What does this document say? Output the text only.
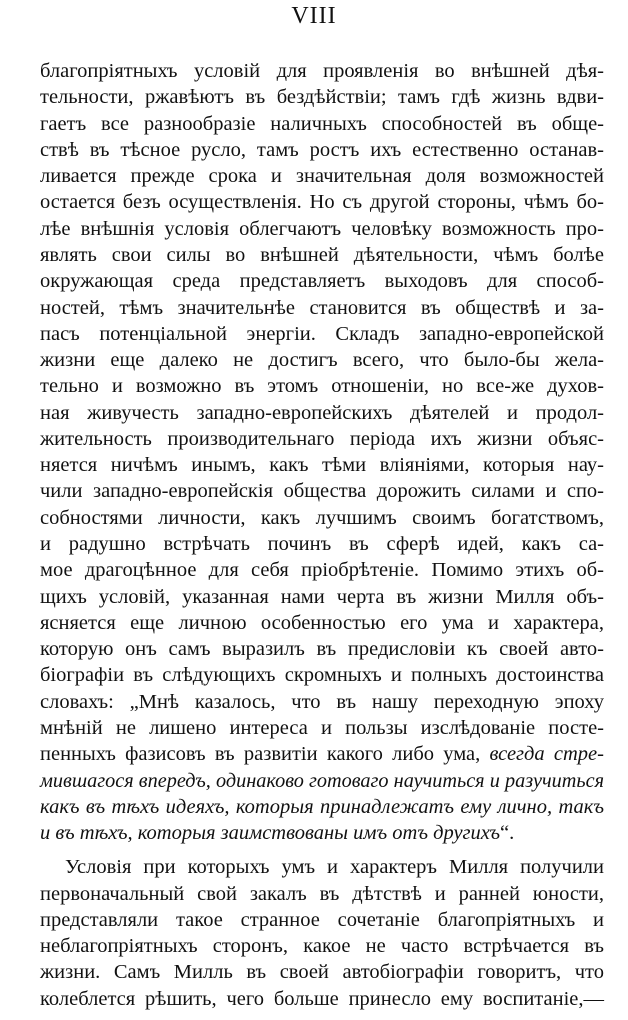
VIII
благопріятныхъ условій для проявленія во внѣшней дѣя-
тельности, ржавѣютъ въ бездѣйствіи; тамъ гдѣ жизнь вдви-
гаетъ все разнообразіе наличныхъ способностей въ обще-
ствѣ въ тѣсное русло, тамъ ростъ ихъ естественно останав-
ливается прежде срока и значительная доля возможностей
остается безъ осуществленія. Но съ другой стороны, чѣмъ бо-
лѣе внѣшнія условія облегчаютъ человѣку возможность про-
являть свои силы во внѣшней дѣятельности, чѣмъ болѣе
окружающая среда представляетъ выходовъ для способ-
ностей, тѣмъ значительнѣе становится въ обществѣ и за-
пасъ потенціальной энергіи. Складъ западно-европейской
жизни еще далеко не достигъ всего, что было-бы жела-
тельно и возможно въ этомъ отношеніи, но все-же духов-
ная живучесть западно-европейскихъ дѣятелей и продол-
жительность производительнаго періода ихъ жизни объяс-
няется ничѣмъ инымъ, какъ тѣми вліяніями, которыя нау-
чили западно-европейскія общества дорожить силами и спо-
собностями личности, какъ лучшимъ своимъ богатствомъ,
и радушно встрѣчать починъ въ сферѣ идей, какъ са-
мое драгоцѣнное для себя пріобрѣтеніе. Помимо этихъ об-
щихъ условій, указанная нами черта въ жизни Милля объ-
ясняется еще личною особенностью его ума и характера,
которую онъ самъ выразилъ въ предисловіи къ своей авто-
біографіи въ слѣдующихъ скромныхъ и полныхъ достоинства
словахъ: „Мнѣ казалось, что въ нашу переходную эпоху
мнѣній не лишено интереса и пользы изслѣдованіе посте-
пенныхъ фазисовъ въ развитіи какого либо ума, всегда стре-
мившагося впередъ, одинаково готоваго научиться и разучиться
какъ въ тѣхъ идеяхъ, которыя принадлежатъ ему лично, такъ
и въ тѣхъ, которыя заимствованы имъ отъ другихъ“.
Условія при которыхъ умъ и характеръ Милля получили
первоначальный свой закалъ въ дѣтствѣ и ранней юности,
представляли такое странное сочетаніе благопріятныхъ и
неблагопріятныхъ сторонъ, какое не часто встрѣчается въ
жизни. Самъ Милль въ своей автобіографіи говоритъ, что
колеблется рѣшить, чего больше принесло ему воспитаніе,—
